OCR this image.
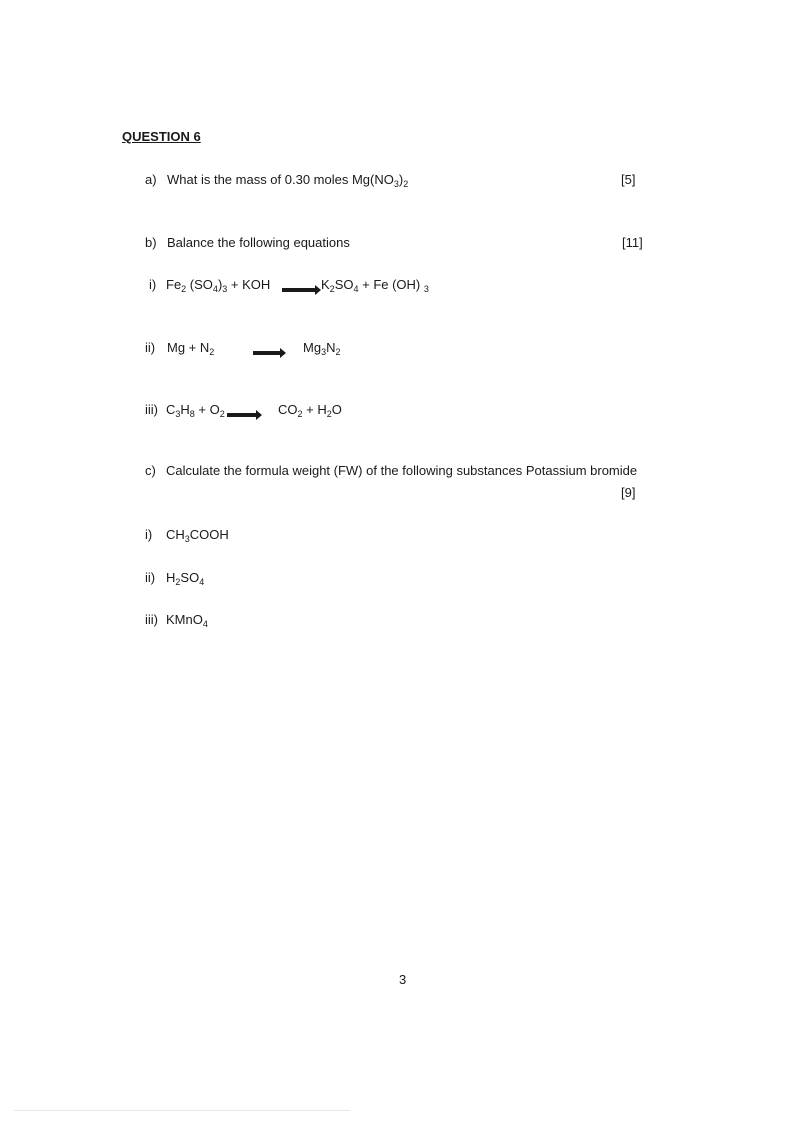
QUESTION 6
a) What is the mass of 0.30 moles $Mg(NO_3)_2$	[5]
b) Balance the following equations	[11]
i) $Fe_2$ $(SO_4)_3$ + KOH	$K_2SO_4 + Fe$ (OH) $_3$
ii) $Mg + N_2$	$Mg_3N_2$
iii) $C_3H_8 + O_2$	$CO_2 + H_2O$
c) Calculate the formula weight (FW) of the following substances Potassium bromide
[9]
i) $CH_3COOH$
ii) $H_2SO_4$
iii) KMnO$_4$
3
